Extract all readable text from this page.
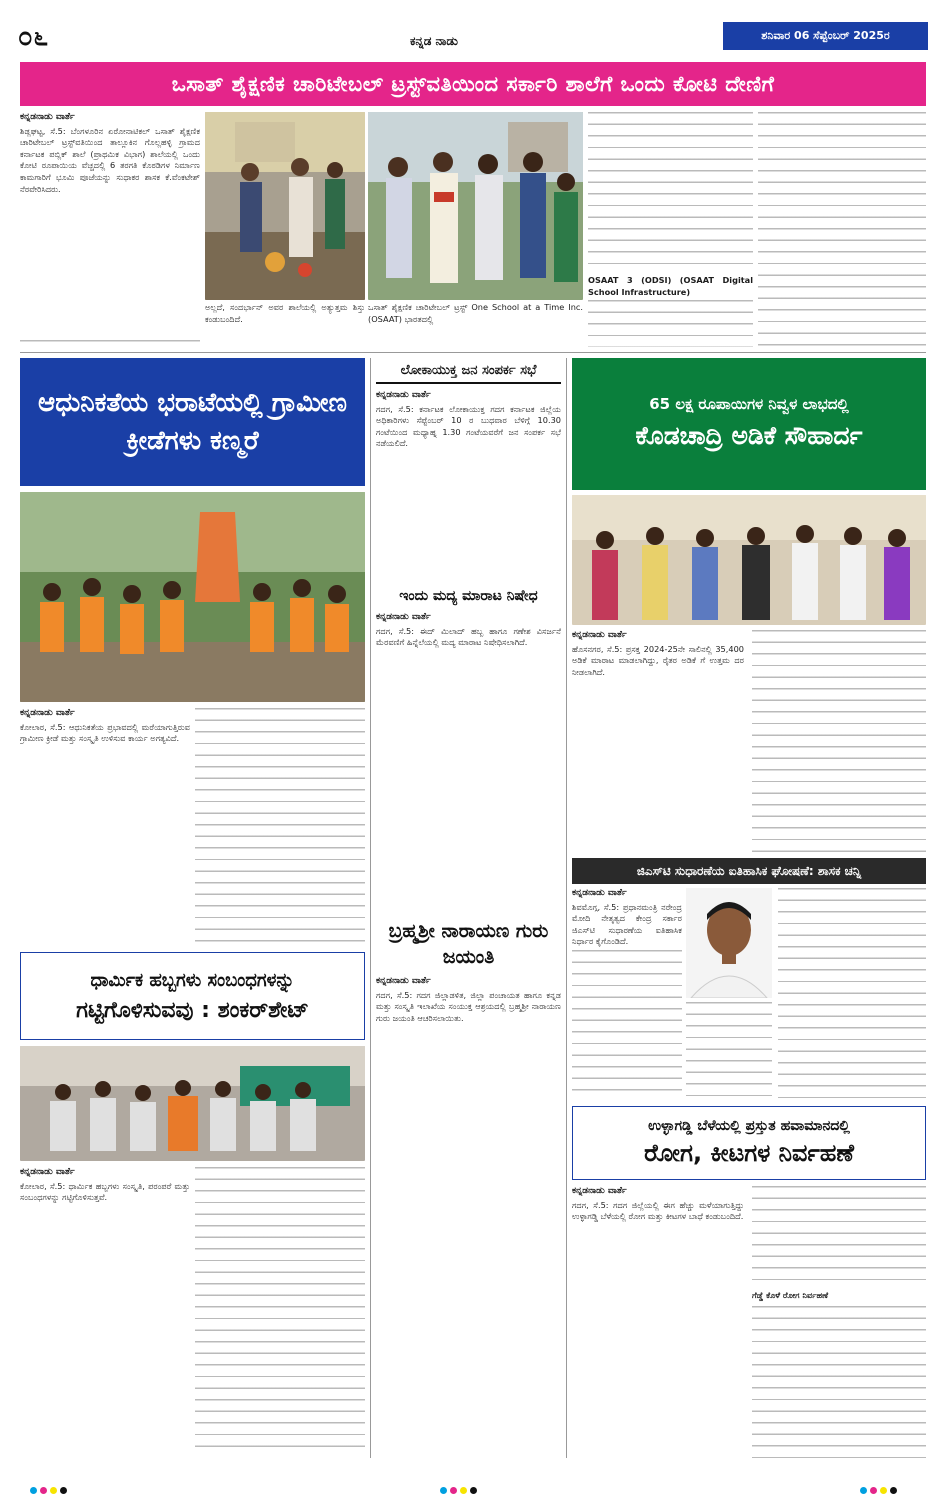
೦೬	ಕನ್ನಡ ನಾಡು	ಶನಿವಾರ 06 ಸೆಪ್ಟೆಂಬರ್ 2025ರ
ಒಸಾತ್ ಶೈಕ್ಷಣಿಕ ಚಾರಿಟೇಬಲ್ ಟ್ರಸ್ಟ್‌ವತಿಯಿಂದ ಸರ್ಕಾರಿ ಶಾಲೆಗೆ ಒಂದು ಕೋಟಿ ದೇಣಿಗೆ
ಕನ್ನಡನಾಡು ವಾರ್ತೆ
ಶಿಡ್ಲಘಟ್ಟ, ಸೆ.5: ಬೆಂಗಳೂರಿನ ಏರೋನಾಟಿಕಲ್ ಒಸಾತ್ ಶೈಕ್ಷಣಿಕ ಚಾರಿಟೇಬಲ್ ಟ್ರಸ್ಟ್‌ವತಿಯಿಂದ ತಾಲ್ಲೂಕಿನ ಗೊಲ್ಲಹಳ್ಳಿ ಗ್ರಾಮದ ಕರ್ನಾಟಕ ಪಬ್ಲಿಕ್ ಶಾಲೆ (ಪ್ರಾಥಮಿಕ ವಿಭಾಗ) ಶಾಲೆಯಲ್ಲಿ ಒಂದು ಕೋಟಿ ರೂಪಾಯಿಯ ವೆಚ್ಚದಲ್ಲಿ 6 ತರಗತಿ ಕೊಠಡಿಗಳ ನಿರ್ಮಾಣ ಕಾಮಗಾರಿಗೆ ಭೂಮಿ ಪೂಜೆಯನ್ನು ಸುಧಾಕರ ಶಾಸಕ ಕೆ.ವೆಂಕಟೇಶ್ ನೆರವೇರಿಸಿದರು.
ಅಲ್ಲದೆ, ಸಂದರ್ಭಾನ್ ಅವರ ಶಾಲೆಯಲ್ಲಿ ಅತ್ಯುತ್ತಮ ಶಿಸ್ತು ಕಂಡುಬಂದಿದೆ.
ಒಸಾತ್ ಶೈಕ್ಷಣಿಕ ಚಾರಿಟೇಬಲ್ ಟ್ರಸ್ಟ್ One School at a Time Inc. (OSAAT) ಭಾರತದಲ್ಲಿ
OSAAT 3 (ODSI) (OSAAT Digital School Infrastructure)
ಆಧುನಿಕತೆಯ ಭರಾಟೆಯಲ್ಲಿ ಗ್ರಾಮೀಣ ಕ್ರೀಡೆಗಳು ಕಣ್ಮರೆ
ಕನ್ನಡನಾಡು ವಾರ್ತೆ
ಕೋಲಾರ, ಸೆ.5: ಆಧುನಿಕತೆಯ ಪ್ರಭಾವದಲ್ಲಿ ಮರೆಯಾಗುತ್ತಿರುವ ಗ್ರಾಮೀಣ ಕ್ರೀಡೆ ಮತ್ತು ಸಂಸ್ಕೃತಿ ಉಳಿಸುವ ಕಾರ್ಯ ಅಗತ್ಯವಿದೆ.
ಧಾರ್ಮಿಕ ಹಬ್ಬಗಳು ಸಂಬಂಧಗಳನ್ನು
ಗಟ್ಟಿಗೊಳಿಸುವವು : ಶಂಕರ್‌ಶೇಟ್
ಕನ್ನಡನಾಡು ವಾರ್ತೆ
ಕೋಲಾರ, ಸೆ.5: ಧಾರ್ಮಿಕ ಹಬ್ಬಗಳು ಸಂಸ್ಕೃತಿ, ಪರಂಪರೆ ಮತ್ತು ಸಂಬಂಧಗಳನ್ನು ಗಟ್ಟಿಗೊಳಿಸುತ್ತವೆ.
ಲೋಕಾಯುಕ್ತ ಜನ ಸಂಪರ್ಕ ಸಭೆ
ಕನ್ನಡನಾಡು ವಾರ್ತೆ
ಗದಗ, ಸೆ.5: ಕರ್ನಾಟಕ ಲೋಕಾಯುಕ್ತ ಗದಗ ಕರ್ನಾಟಕ ಜಿಲ್ಲೆಯ ಅಧಿಕಾರಿಗಳು ಸೆಪ್ಟೆಂಬರ್ 10 ರ ಬುಧವಾರ ಬೆಳಿಗ್ಗೆ 10.30 ಗಂಟೆಯಿಂದ ಮಧ್ಯಾಹ್ನ 1.30 ಗಂಟೆಯವರೆಗೆ ಜನ ಸಂಪರ್ಕ ಸಭೆ ನಡೆಯಲಿದೆ.
ಇಂದು ಮದ್ಯ ಮಾರಾಟ ನಿಷೇಧ
ಕನ್ನಡನಾಡು ವಾರ್ತೆ
ಗದಗ, ಸೆ.5: ಈದ್ ಮಿಲಾದ್ ಹಬ್ಬ ಹಾಗೂ ಗಣೇಶ ವಿಸರ್ಜನೆ ಮೆರವಣಿಗೆ ಹಿನ್ನೆಲೆಯಲ್ಲಿ ಮದ್ಯ ಮಾರಾಟ ನಿಷೇಧಿಸಲಾಗಿದೆ.
ಬ್ರಹ್ಮಶ್ರೀ ನಾರಾಯಣ ಗುರು ಜಯಂತಿ
ಕನ್ನಡನಾಡು ವಾರ್ತೆ
ಗದಗ, ಸೆ.5: ಗದಗ ಜಿಲ್ಲಾಡಳಿತ, ಜಿಲ್ಲಾ ಪಂಚಾಯತ ಹಾಗೂ ಕನ್ನಡ ಮತ್ತು ಸಂಸ್ಕೃತಿ ಇಲಾಖೆಯ ಸಂಯುಕ್ತ ಆಶ್ರಯದಲ್ಲಿ ಬ್ರಹ್ಮಶ್ರೀ ನಾರಾಯಣ ಗುರು ಜಯಂತಿ ಆಚರಿಸಲಾಯಿತು.
65 ಲಕ್ಷ ರೂಪಾಯಿಗಳ ನಿವ್ವಳ ಲಾಭದಲ್ಲಿ
ಕೊಡಚಾದ್ರಿ ಅಡಿಕೆ ಸೌಹಾರ್ದ
ಕನ್ನಡನಾಡು ವಾರ್ತೆ
ಹೊಸನಗರ, ಸೆ.5: ಪ್ರಸಕ್ತ 2024-25ನೇ ಸಾಲಿನಲ್ಲಿ 35,400 ಅಡಿಕೆ ಮಾರಾಟ ಮಾಡಲಾಗಿದ್ದು, ರೈತರ ಅಡಿಕೆ ಗೆ ಉತ್ತಮ ದರ ನೀಡಲಾಗಿದೆ.
ಜಿಎಸ್‌ಟಿ ಸುಧಾರಣೆಯ ಐತಿಹಾಸಿಕ ಘೋಷಣೆ: ಶಾಸಕ ಚನ್ನಿ
ಕನ್ನಡನಾಡು ವಾರ್ತೆ
ಶಿವಮೊಗ್ಗ, ಸೆ.5: ಪ್ರಧಾನಮಂತ್ರಿ ನರೇಂದ್ರ ಮೋದಿ ನೇತೃತ್ವದ ಕೇಂದ್ರ ಸರ್ಕಾರ ಜಿಎಸ್‌ಟಿ ಸುಧಾರಣೆಯ ಐತಿಹಾಸಿಕ ನಿರ್ಧಾರ ಕೈಗೊಂಡಿದೆ.
ಉಳ್ಳಾಗಡ್ಡಿ ಬೆಳೆಯಲ್ಲಿ ಪ್ರಸ್ತುತ ಹವಾಮಾನದಲ್ಲಿ
ರೋಗ, ಕೀಟಗಳ ನಿರ್ವಹಣೆ
ಕನ್ನಡನಾಡು ವಾರ್ತೆ
ಗದಗ, ಸೆ.5: ಗದಗ ಜಿಲ್ಲೆಯಲ್ಲಿ ಈಗ ಹೆಚ್ಚು ಮಳೆಯಾಗುತ್ತಿದ್ದು ಉಳ್ಳಾಗಡ್ಡಿ ಬೆಳೆಯಲ್ಲಿ ರೋಗ ಮತ್ತು ಕೀಟಗಳ ಬಾಧೆ ಕಂಡುಬಂದಿದೆ.
ಗೆಡ್ಡೆ ಕೊಳೆ ರೋಗ ನಿರ್ವಹಣೆ
